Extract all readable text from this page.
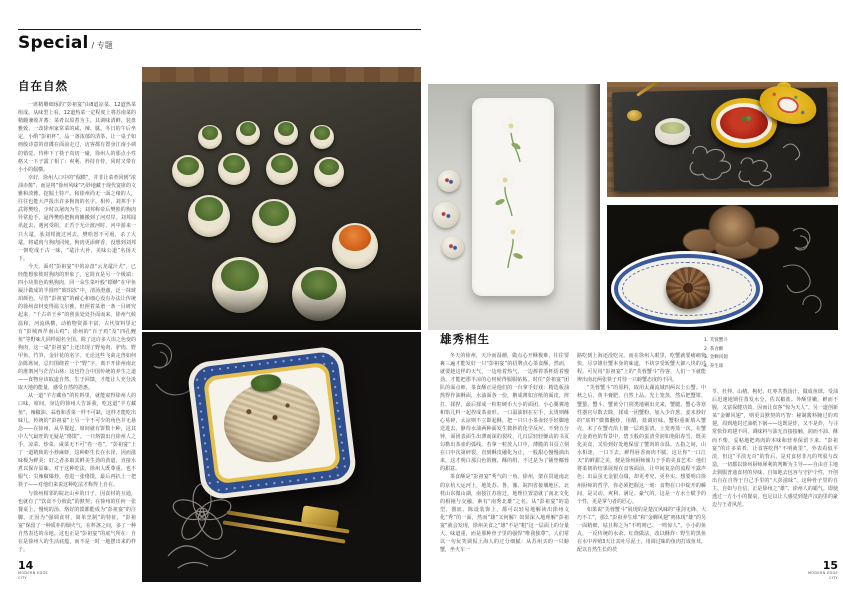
Special / 专题
自在自然

一席精雕细琢的“彭祖宴”由8道凉菜、12道热菜组成。从味型上看，12道热菜一定程度上将苏南菜的精髓兼收并蓄：菜肴以原煮为主，其调味清鲜、装盘雅致，一改徐州家常菜的咸、辣、腻。冬日的午后坐定，小酌“彭祖杯”，品一盏浓郁的清茶，让一桌子如画般诗意的盘碟在面前走过，访客都有置身江南小调的错觉。待伸下了筷子真切一碰，徐州人的那点小性格又一下子露了相了：爽利、矜持自恃，同时又带有小小的倔横。

幸好，徐州人口中的“倔横”，并非让菜肴回到“浓油赤酱”，而是将“徐州风味”巧妙地藏于现代宴席的文雅和淡雅、挖掘土特产。和徐州尚无一面之缘的人，往往也能大声报出许多狗肉的名字。相传，刘邦手下武将樊哙，少时以屠肉为生；刘邦称帝后樊哙的狗肉异常抢手，逼得樊哙把狗肉摊搬到了河对岸。刘邦闻讯赶去，遇河受阻，正苦于无计渡河时，河中游来一只大鼋，驮刘邦渡过河去。樊哙怒不可遏，杀了大鼋，将鼋肉与狗肉同炖，狗肉更添鲜香，没想到刘邦一朝吃成千古一味，“鼋汁大补、美味公道”名扬天下。

今天，面对“彭祖宴”中的凉盘“云龙鼋汁犬”，已经能想象彼时狗肉的形象了，它简直是另一个极端：四小块墨色的熟狗肉，同一朵生菜叶般“缥缈”在甲鱼凝汁做成的半圆形“琥珀冻”中，清汤澄澈，泛一抹琥珀颜色。尽管“彭祖宴”的耐心和细心没有办法让传统的徐州食材变得温文尔雅，但照着菜谱一条一目研究起来，“千古帝王乡”的创获处处扑面而来。徐州气候温和，河流纵横，动植物资源丰富，古代资料里记有“彭城西芹南山鸡”；徐州的“百子鸡”及“四孔鲤鱼”等野味儿同样闻名全国。除了这许多人讳之色变的狗肉，这一桌“彭祖宴”上还出现了野兔肉、驴肉、野甲鱼、竹笋、金针花的名字。无论这些飞禽走兽如何杂陈席间，总归围绕着一个“野”字，离不开徐州南北的淮泗河与茫茫山林：这也符合中国传统的养生之道——食物应该取道自然、生于回馈，才能让人充分汲取天地的能量，感受自然的恩惠。

从一道“羊方藏鱼”的佐料里，就能窥得徐州人的口味。席间，身边的徐州人告诉我，吃这道“羊方藏鱼”，辣椒油、蒜蓉和香菜一样不可缺，这样才能吃出味儿。传统的“彭祖宴”上另一个不可少的角色并无悬念——在徐州，从早餐起，席间就有饼数十种，这其中人气最旺的无疑是“烙馍”。一只烙馍出自徐州人之手，凉菜、炒菜、咸菜无不可“卷一卷”。“彭祖宴”上了一道精致的小炒麻虾，这种虾生长在水泽，因而滋味极为鲜美；好之者多取其鲜美生劲的劲道，直接水煮以保存原味。对于这种吃法，徐州人既尊重、也不服气：尖辣椒爆炒，卷进一张烙馍，最后再扒上一把筷子——对他们来说这种吃法才称得上自在。

与徐州相邻的皖北山乡的日子，因食材的互通，也就有了“饮食不分彼此”的默契；在徐州的任何一张餐桌上，慢炖的汤、烙好的馍都能成为“彭祖宴”的注脚。正因为“强调食材，简单烹制”的特征，“彭祖宴”保留了一种质朴的烟火气，在杯盏之间，多了一种自然表达的余地。这也正是“彭祖宴”的底气所在：自在是徐州人的生活底蕴，而不是一时一地摆出来的样子。

1. 芙蓉蟹斗
2. 茶食酥
3. 金蝉风翅
4. 养生球
雄秀相生

冬天的徐州，天冷而湿潮，做点心开酥极难，往往要裹三遍才能发好一只“彭祖宴”的招牌点心茶食酥。然而，就要趁这样的天气，一边哈着热气，一边捧着茶杯焐着慢劲，才能把那半凉的心伺候得服服帖帖。时任“彭祖宴”团队的面点师，茶食酥正是他们的一台拿手好戏：精选板油熬得作油酥面，水油面各一份，擀成薄如宣纸的面皮，摔打、揉捏，最后揉成一粒粒硬币大小的面团，小心翼翼地和馅儿料一起捏成茶壶形。一口温油倒在左手，太烫则酥心易碎，太凉则不立即起酥，把一只只小茶壶轻手轻脚地送进去，静待水油两种面发生微妙的化学反应。不到五分钟，面团表面生出薄而深的裂纹，几百层轻轻颤动的书页勾勒出茶壶的弧线。若拿一粒放入口中，薄脆的书页立刻在口中次第碎裂，直到酥皮融化为止，一股甜心慢慢淌出来，这才明白那白色的缠、酥的绢，不过是为了铺垫椰蓉的甜意。

茶食酥是“彭祖宴”秀气的一角。徐州，架在贯通南北的京杭大运河上，地处苏、鲁、豫、皖四省接壤地区，北枕山东微山湖，南接江苏宿迁，地理位置造就了南北文化的相撞与交融，素有“南秀北雄”之名。从“彭祖宴”的造型、器皿、陈设装饰上，都可以轻易地解读出徐州文化“秀”的一面，然而“雄”又何解？如果深入地理解“彭祖宴”就会发现，徐州美食之“雄”不是“粗”这一层面上的分量大、味道重，而是那种骨子里的强悍“唯我独尊”。人们常以一句玩笑调侃上海人的过分细腻：从苏州买的一只螃蟹，坐火车一

路吃到上海还没吃完。而在徐州人眼里，吃蟹就要痛痛快快，尽享雄壮蟹本身的味道，不妨享受斩蟹大卸八块的过程。可见用“彭祖宴”上的“芙蓉蟹斗”待客，人们一下就能辨出南北两张筷子对待一只螃蟹态度的不同。

“芙蓉蟹斗”的原料，取用太湖流域四两以上公蟹。中秋之后，黄丰膏肥，自然上品。先上笼蒸，然后把蟹钳、蟹螯、蟹斗、蟹黄分门别类地剔出壳来，蟹腮、蟹心等寒性器官尽数去除，揉成一团蟹粉，加入少许葱、姜末炒好的“底料”微微翻炒，用醋、盐调好味。蟹粉重新填入蟹壳，末了在蟹壳沿上搪一层鸡蛋清，上笼再蒸一次。在蟹壳金黄色的背景中，碧玉般的蛋清莹润如艳阳春雪，既美化美食，又恰到好处地保留了蟹肉的余温。五指之间，山水相逢，一口下去，鲜得唇香而肉不腻。这让你“一口江天”的鲜甜之美，便是徐州厨师倾力于手的美食艺术：他们将柔韧的结果展现在食客面前，让中间复杂的流程不露声色；出品虽无金银点缀，却更考究、更朴实。想要明白徐州厨师的哲学，你必须把握这一刻：食物在口中绽开的瞬间，是灵动、爽利、满足、豪气的。这是一方水土赋予的个性，更是掌勺者的匠心。

如果说“芙蓉蟹斗”展现的是楚汉风味的“重剑无锋、大巧不工”，那么“彭祖养生球”和“金蝉风翅”则体现“雄”的另一面精细，姑且称之为“不鸣则已、一鸣惊人”。小小的鱼丸，一反传统的水汆、红烧做法，改以酥炸：野生的黑鱼在水中养殖3天让其吐尽泥土，用调过味的鱼肉打成鱼茸，配以自然生长的茯

苓、杜仲、山楂、枸杞、红枣共熬汤汁，做成鱼球，受油后迅速地锁住蒸发水分，佐以椒盐。外酥里嫩，鲜而不腥，又富保健功效，因而让食客“惊为天人”。另一道创新菜“金蝉风翅”，则更具默契的巧智：秘制酱料腌过的鸡翅，周到地封过油纸下锅——这既是炸，又不是炸，与寻常快炸鸡翅不同，调味料与油无直接接触，润而不油、酥而不柴，妥帖地把鸡肉的本味和营养保留下来。“彭祖宴”的许多菜肴，让食客吃得“不明就里”，外表看似平淡，但这“平淡无奇”的背后，是对食材非凡的驾驭与改造，一切都以徐州厨师犀利的判断为主导——自由自主地去驯服普通食材的异味，自如地去包容与守护个性，开创出自在自得于自己手里的“大彭滋味”。这种骨子里的自主、自如与自信，正是徐州之“雄”、徐州人的霸气。即使透过一方小小的餐桌，也足以让人感觉到楚声汉韵里的豪迈与王者风范。

14
MODERN EDGE
CITY
15
MODERN EDGE
CITY
